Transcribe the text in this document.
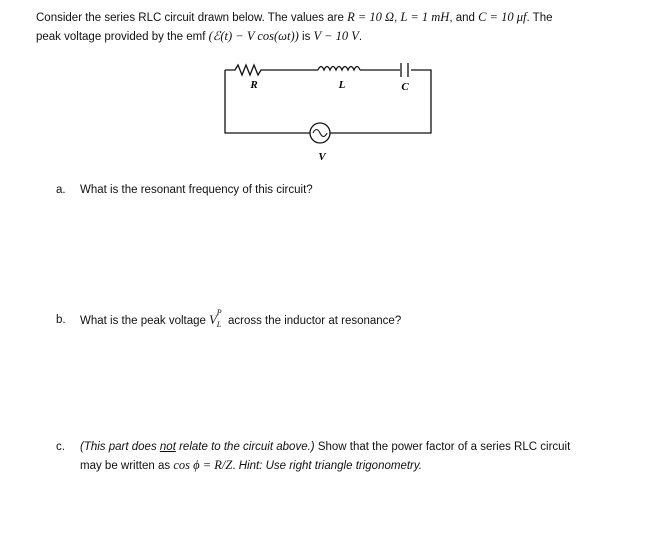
Consider the series RLC circuit drawn below. The values are R = 10 Ω, L = 1 mH, and C = 10 μf. The
peak voltage provided by the emf (ℰ(t) − V cos(ωt)) is V − 10 V.
R	L	C
V
a. What is the resonant frequency of this circuit?
b. What is the peak voltage V
P
L across the inductor at resonance?
c. (This part does not relate to the circuit above.) Show that the power factor of a series RLC circuit
may be written as cos ϕ = R/Z. Hint: Use right triangle trigonometry.
